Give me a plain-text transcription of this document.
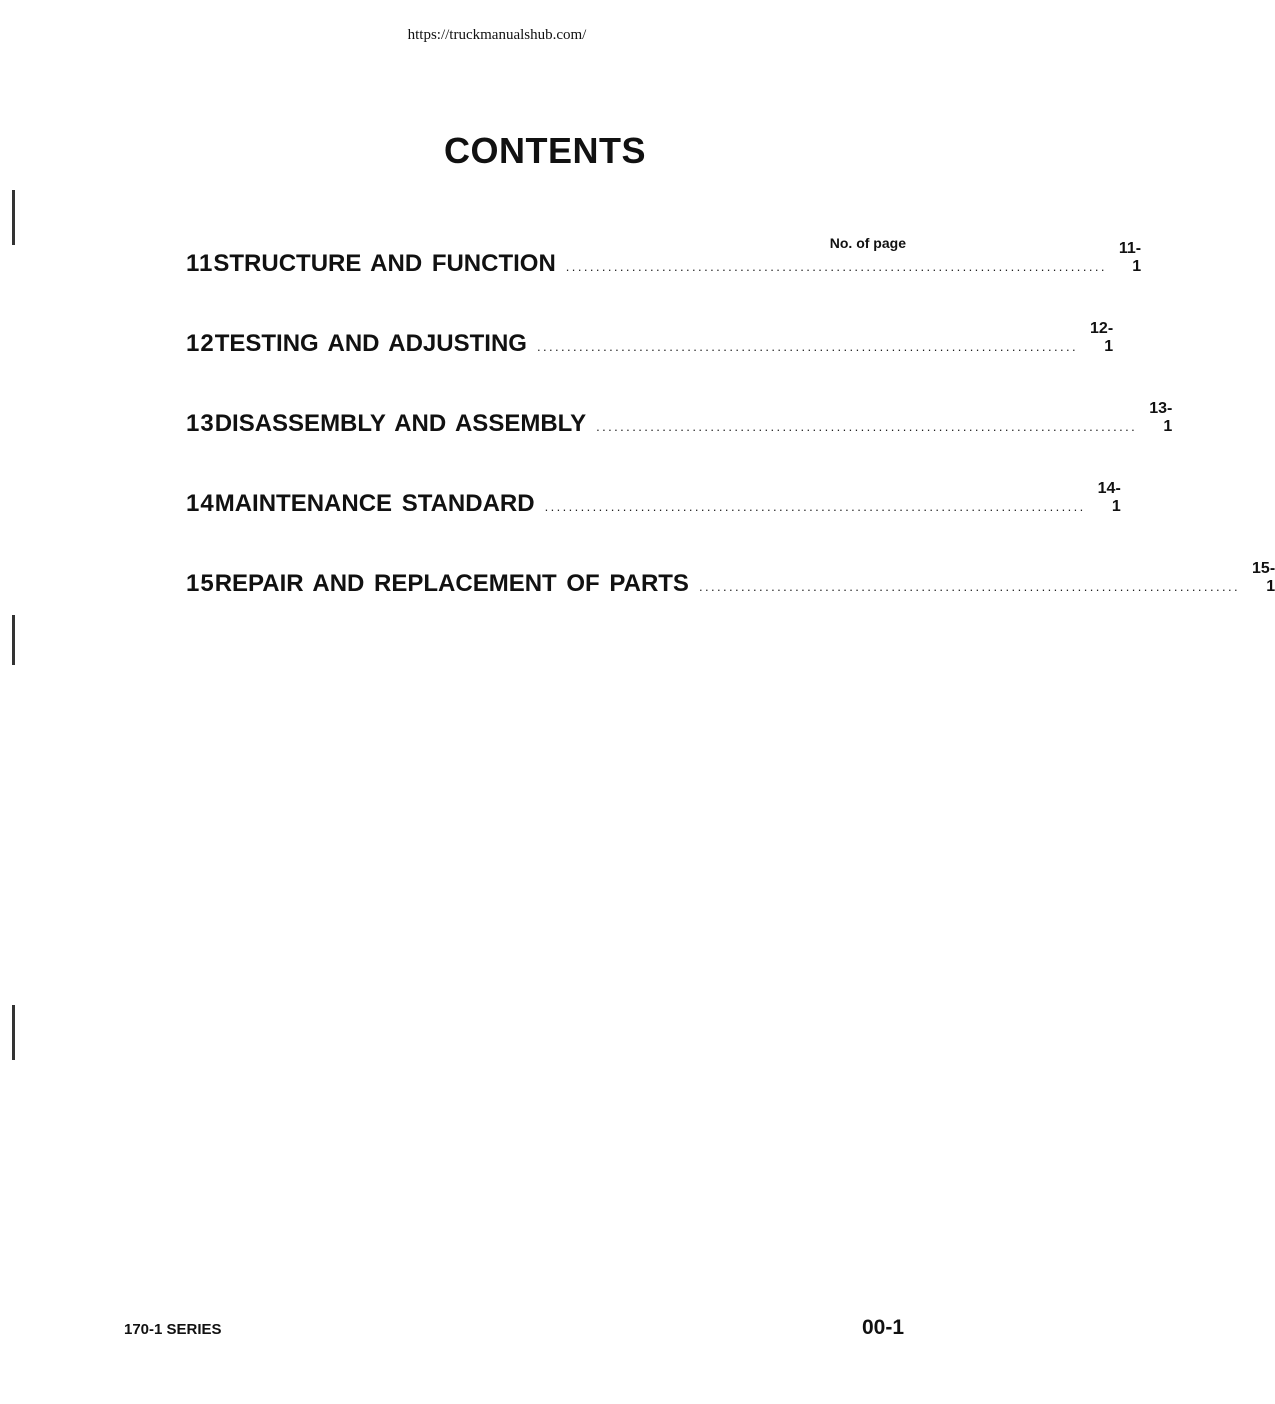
https://truckmanualshub.com/
CONTENTS
No. of page
11 STRUCTURE AND FUNCTION ..........................................................................................
11-1
12 TESTING AND ADJUSTING ..........................................................................................
12-1
13 DISASSEMBLY AND ASSEMBLY ..........................................................................................
13-1
14 MAINTENANCE STANDARD ..........................................................................................
14-1
15 REPAIR AND REPLACEMENT OF PARTS ..........................................................................................
15-1
170-1 SERIES	00-1
